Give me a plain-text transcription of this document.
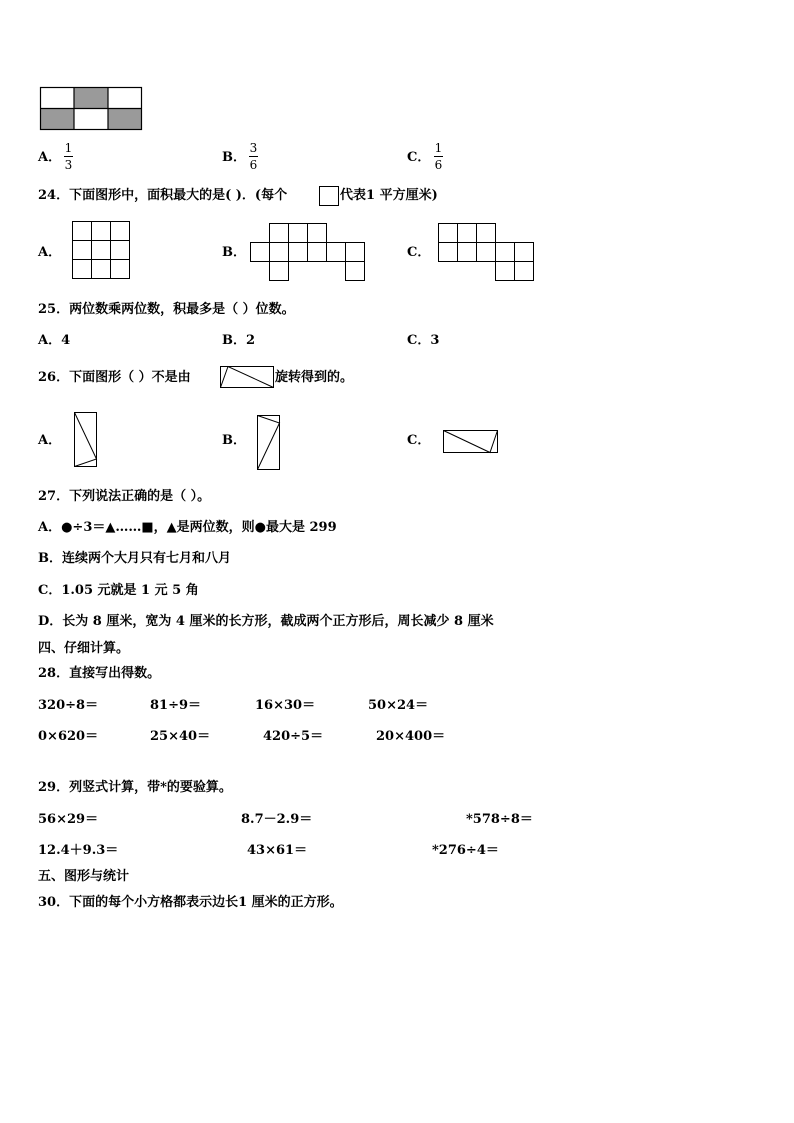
A．
1
3	B．
3
6	C．
1
6
24．下面图形中，面积最大的是( )．(每个	代表1 平方厘米)
A．	B．	C．
25．两位数乘两位数，积最多是（ ）位数。
A．4	B．2	C．3
26．下面图形（ ）不是由	旋转得到的。
A．	B．	C．
27．下列说法正确的是（ ）。
A．●÷3＝▲……■，▲是两位数，则●最大是 299
B．连续两个大月只有七月和八月
C．1.05 元就是 1 元 5 角
D．长为 8 厘米，宽为 4 厘米的长方形，截成两个正方形后，周长减少 8 厘米
四、仔细计算。
28．直接写出得数。
320÷8＝	81÷9＝	16×30＝	50×24＝
0×620＝	25×40＝	420÷5＝	20×400＝
29．列竖式计算，带*的要验算。
56×29＝	8.7－2.9＝	*578÷8＝
12.4＋9.3＝	43×61＝	*276÷4＝
五、图形与统计
30．下面的每个小方格都表示边长1 厘米的正方形。
